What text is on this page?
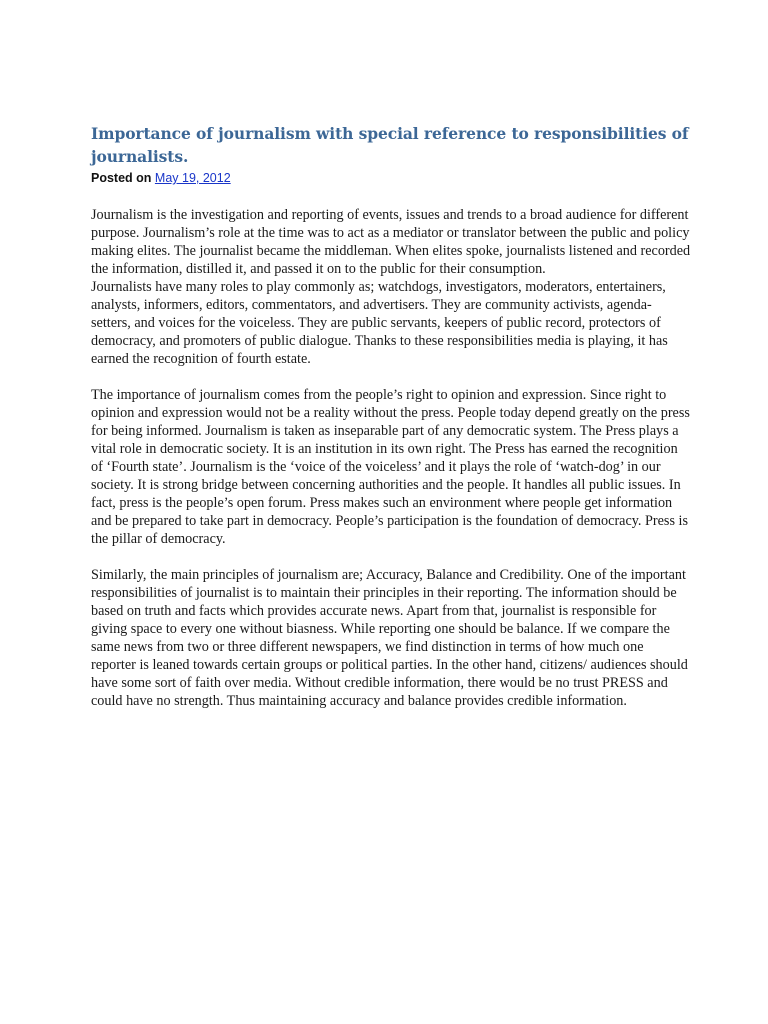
Importance of journalism with special reference to responsibilities of journalists.
Posted on May 19, 2012

Journalism is the investigation and reporting of events, issues and trends to a broad audience for different purpose. Journalism’s role at the time was to act as a mediator or translator between the public and policy making elites. The journalist became the middleman. When elites spoke, journalists listened and recorded the information, distilled it, and passed it on to the public for their consumption.

Journalists have many roles to play commonly as; watchdogs, investigators, moderators, entertainers, analysts, informers, editors, commentators, and advertisers. They are community activists, agenda-setters, and voices for the voiceless. They are public servants, keepers of public record, protectors of democracy, and promoters of public dialogue. Thanks to these responsibilities media is playing, it has earned the recognition of fourth estate.

The importance of journalism comes from the people’s right to opinion and expression. Since right to opinion and expression would not be a reality without the press. People today depend greatly on the press for being informed. Journalism is taken as inseparable part of any democratic system. The Press plays a vital role in democratic society. It is an institution in its own right. The Press has earned the recognition of ‘Fourth state’. Journalism is the ‘voice of the voiceless’ and it plays the role of ‘watch-dog’ in our society. It is strong bridge between concerning authorities and the people. It handles all public issues. In fact, press is the people’s open forum. Press makes such an environment where people get information and be prepared to take part in democracy. People’s participation is the foundation of democracy. Press is the pillar of democracy.

Similarly, the main principles of journalism are; Accuracy, Balance and Credibility. One of the important responsibilities of journalist is to maintain their principles in their reporting. The information should be based on truth and facts which provides accurate news. Apart from that, journalist is responsible for giving space to every one without biasness. While reporting one should be balance. If we compare the same news from two or three different newspapers, we find distinction in terms of how much one reporter is leaned towards certain groups or political parties. In the other hand, citizens/ audiences should have some sort of faith over media. Without credible information, there would be no trust PRESS and could have no strength. Thus maintaining accuracy and balance provides credible information.
